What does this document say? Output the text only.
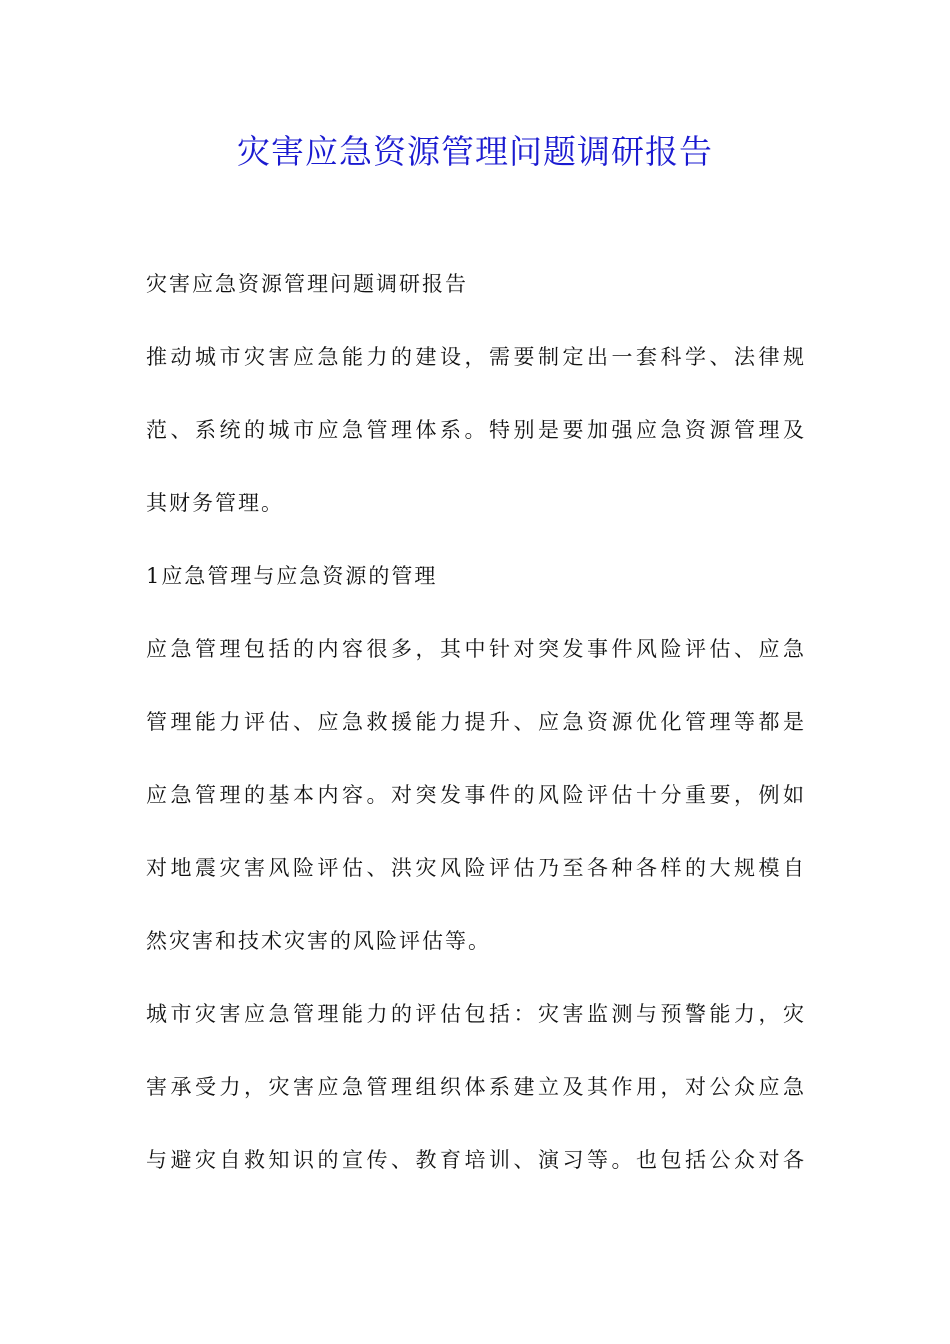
灾害应急资源管理问题调研报告
灾害应急资源管理问题调研报告
推动城市灾害应急能力的建设，需要制定出一套科学、法律规
范、系统的城市应急管理体系。特别是要加强应急资源管理及
其财务管理。
1应急管理与应急资源的管理
应急管理包括的内容很多，其中针对突发事件风险评估、应急
管理能力评估、应急救援能力提升、应急资源优化管理等都是
应急管理的基本内容。对突发事件的风险评估十分重要，例如
对地震灾害风险评估、洪灾风险评估乃至各种各样的大规模自
然灾害和技术灾害的风险评估等。
城市灾害应急管理能力的评估包括：灾害监测与预警能力，灾
害承受力，灾害应急管理组织体系建立及其作用，对公众应急
与避灾自救知识的宣传、教育培训、演习等。也包括公众对各
